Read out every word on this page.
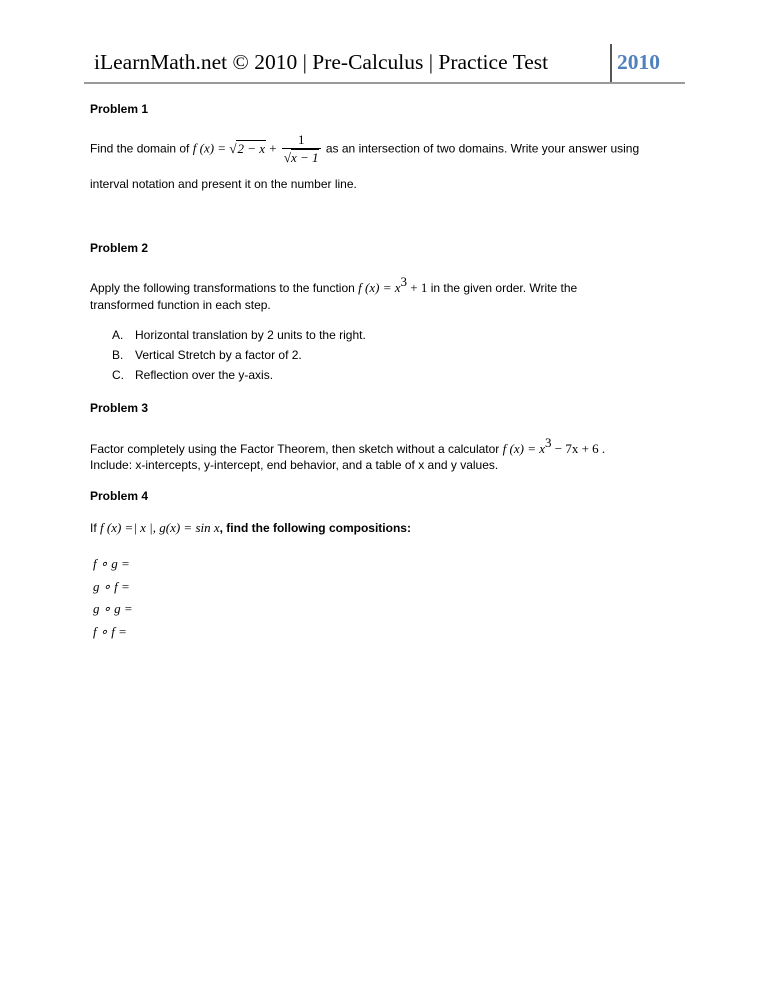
iLearnMath.net © 2010 | Pre-Calculus | Practice Test	2010
Problem 1
Find the domain of f $(x) = √2 - x + \frac{1}{√x - 1}$ as an intersection of two domains. Write your answer using
interval notation and present it on the number line.
Problem 2
Apply the following transformations to the function f $(x) = x^3 + 1$ in the given order. Write the
transformed function in each step.
A. Horizontal translation by 2 units to the right.
B. Vertical Stretch by a factor of 2.
C. Reflection over the y-axis.
Problem 3
Factor completely using the Factor Theorem, then sketch without a calculator f $(x) = x^3 - 7x + 6$ .
Include: x-intercepts, y-intercept, end behavior, and a table of x and y values.
Problem 4
If f (x) =| x |, g(x) = sin x, find the following compositions:
f ∘ g =
g ∘ f =
g ∘ g =
f ∘ f =
